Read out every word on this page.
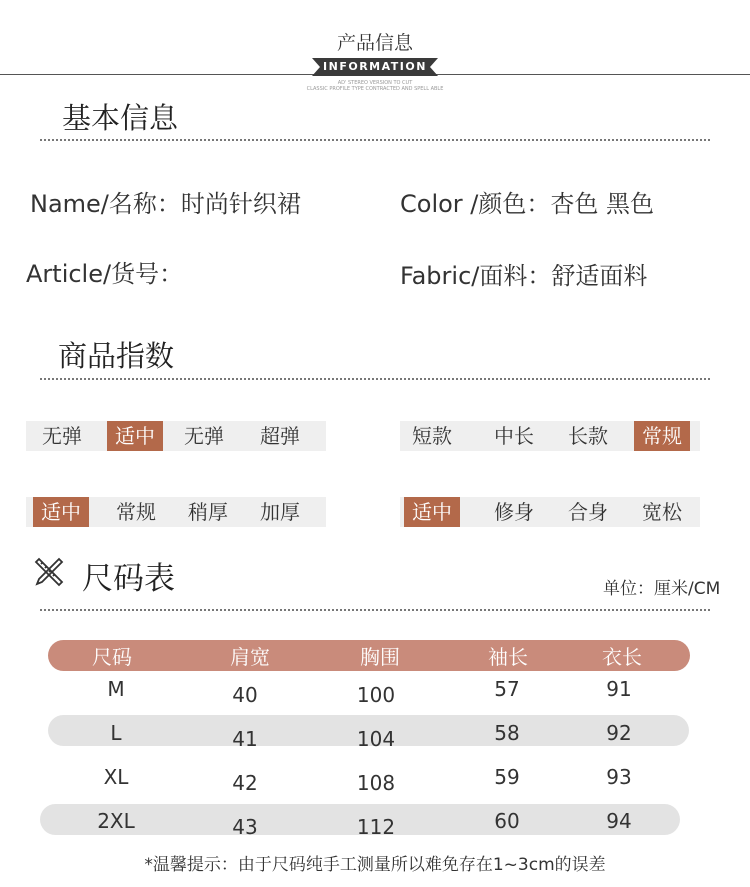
产品信息
INFORMATION
AD' STEREO VERSION TO CUT
CLASSIC PROFILE TYPE CONTRACTED AND SPELL ABLE
基本信息
Name/名称：时尚针织裙	Color /颜色：杏色 黑色
Article/货号：	Fabric/面料：舒适面料
商品指数
无弹	适中	无弹	超弹	短款	中长	长款	常规
适中	常规	稍厚	加厚	适中	修身	合身	宽松
尺码表	单位：厘米/CM
尺码	肩宽	胸围	袖长	衣长
M	40	100	57	91
L	41	104	58	92
XL	42	108	59	93
2XL	43	112	60	94
*温馨提示：由于尺码纯手工测量所以难免存在1~3cm的误差
